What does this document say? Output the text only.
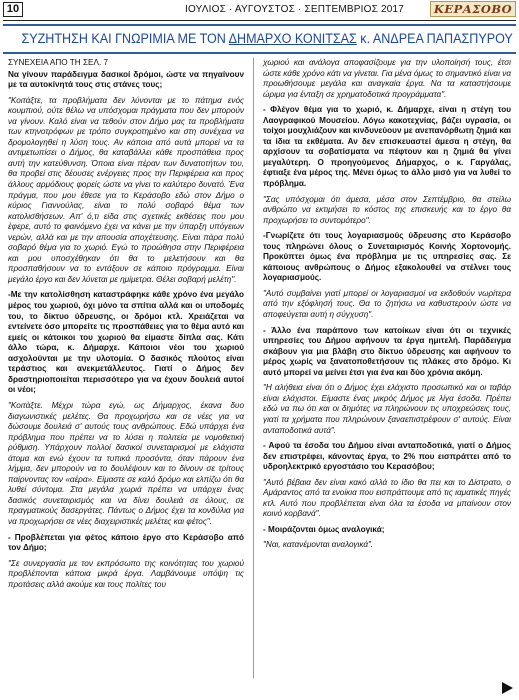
10	ΙΟΥΛΙΟΣ · ΑΥΓΟΥΣΤΟΣ · ΣΕΠΤΕΜΒΡΙΟΣ 2017	ΚΕΡΑΣΟΒΟ
ΣΥΖΗΤΗΣΗ ΚΑΙ ΓΝΩΡΙΜΙΑ ΜΕ ΤΟΝ ΔΗΜΑΡΧΟ ΚΟΝΙΤΣΑΣ κ. ΑΝΔΡΕΑ ΠΑΠΑΣΠΥΡΟΥ

ΣΥΝΕΧΕΙΑ ΑΠΟ ΤΗ ΣΕΛ. 7

Να γίνουν παράδειγμα δασικοί δρόμοι, ώστε να πηγαίνουν με τα αυτοκίνητά τους στις στάνες τους;

"Κοιτάξτε, τα προβλήματα δεν λύνονται με το πάτημα ενός κουμπιού, ούτε θέλω να υπόσχομαι πράγματα που δεν μπορούν να γίνουν. Καλό είναι να τεθούν στον Δήμο μας τα προβλήματα των κτηνοτρόφων με τρόπο συγκροτημένο και στη συνέχεια να δρομολογηθεί η λύση τους. Αν κάποια από αυτά μπορεί να τα αντιμετωπίσει ο Δήμος, θα καταβάλλει κάθε προσπάθεια προς αυτή την κατεύθυνση. Όποια είναι πέραν των δυνατοτήτων του, θα προβεί στις δέουσες ενέργειες προς την Περιφέρεια και προς άλλους αρμόδιους φορείς ώστε να γίνει το καλύτερο δυνατό. Ένα πράγμα, που μου έθεσε για το Κεράσοβο εδώ στον Δήμο ο κύριος Γιαννούλας, είναι το πολύ σοβαρό θέμα των κατολισθήσεων. Απ' ό,τι είδα στις σχετικές εκθέσεις που μου έφερε, αυτό το φαινόμενο έχει να κάνει με την ύπαρξη υπόγειων νερών, αλλά και με την απουσία αποχέτευσης. Είναι πάρα πολύ σοβαρό θέμα για το χωριό. Εγώ το προώθησα στην Περιφέρεια και μου υποσχέθηκαν ότι θα το μελετήσουν και θα προσπαθήσουν να το εντάξουν σε κάποιο πρόγραμμα. Είναι μεγάλο έργο και δεν λύνεται με ημίμετρα. Θέλει σοβαρή μελέτη".

-Με την κατολίσθηση καταστράφηκε κάθε χρόνο ένα μεγάλο μέρος του χωριού, όχι μόνο τα σπίτια αλλά και οι υποδομές του, το δίκτυο ύδρευσης, οι δρόμοι κτλ. Χρειάζεται να εντείνετε όσο μπορείτε τις προσπάθειες για το θέμα αυτό και εμείς οι κάτοικοι του χωριού θα είμαστε δίπλα σας. Κάτι άλλο τώρα, κ. Δήμαρχε. Κάποιοι νέοι του χωριού ασχολούνται με την υλοτομία. Ο δασικός πλούτος είναι τεράστιος και ανεκμετάλλευτος. Γιατί ο Δήμος δεν δραστηριοποιείται περισσότερο για να έχουν δουλειά αυτοί οι νέοι;

"Κοιτάξτε. Μέχρι τώρα εγώ, ως Δήμαρχος, έκανα δυο διαγωνιστικές μελέτες. Θα προχωρήσω και σε νέες για να δώσουμε δουλειά σ' αυτούς τους ανθρώπους. Εδώ υπάρχει ένα πρόβλημα που πρέπει να το λύσει η πολιτεία με νομοθετική ρύθμιση. Υπάρχουν πολλοί δασικοί συνεταιρισμοί με ελάχιστα άτομα και ενώ έχουν τα τυπικά προσόντα, όταν πάρουν ένα λήμμα, δεν μπορούν να το δουλέψουν και το δίνουν σε τρίτους παίρνοντας τον «αέρα». Είμαστε σε καλό δρόμο και ελπίζω ότι θα λυθεί σύντομα. Στα μεγάλα χωριά πρέπει να υπάρχει ένας δασικός συνεταιρισμός και να δίνει δουλειά σε όλους, σε πραγματικούς δασεργάτες. Πάντως ο Δήμος έχει τα κονδύλια για να προχωρήσει σε νέες διαχειριστικές μελέτες και φέτος".

- Προβλέπεται για φέτος κάποιο έργο στο Κεράσοβο από τον Δήμο;

"Σε συνεργασία με τον εκπρόσωπο της κοινότητας του χωριού προβλέπονται κάποια μικρά έργα. Λαμβάνουμε υπόψη τις προτάσεις αλλά ακούμε και τους πολίτες του

χωριού και ανάλογα αποφασίζουμε για την υλοποίησή τους, έτσι ώστε κάθε χρόνο κάτι να γίνεται. Για μένα όμως το σημαντικό είναι να προωθήσουμε μεγάλα και αναγκαία έργα. Να τα καταστήσουμε ώριμα για ένταξη σε χρηματοδοτικά προγράμματα".

- Φλέγον θέμα για το χωριό, κ. Δήμαρχε, είναι η στέγη του Λαογραφικού Μουσείου. Λόγω κακοτεχνίας, βάζει υγρασία, οι τοίχοι μουχλιάζουν και κινδυνεύουν με ανεπανόρθωτη ζημιά και τα ίδια τα εκθέματα. Αν δεν επισκευαστεί άμεσα η στέγη, θα αρχίσουν τα σοβατίσματα να πέφτουν και η ζημιά θα γίνει μεγαλύτερη. Ο προηγούμενος Δήμαρχος, ο κ. Γαργάλας, έφτιαξε ένα μέρος της. Μένει όμως το άλλο μισό για να λυθεί το πρόβλημα.

"Σας υπόσχομαι ότι άμεσα, μέσα στον Σεπτέμβριο, θα στείλω ανθρώπο να εκτιμήσει το κόστος της επισκευής και το έργο θα προχωρήσει το συντομότερο".

-Γνωρίζετε ότι τους λογαριασμούς ύδρευσης στο Κεράσοβο τους πληρώνει όλους ο Συνεταιρισμός Κοινής Χορτονομής. Προκύπτει όμως ένα πρόβλημα με τις υπηρεσίες σας. Σε κάποιους ανθρώπους ο Δήμος εξακολουθεί να στέλνει τους λογαριασμούς.

"Αυτό συμβαίνει γιατί μπορεί οι λογαριασμοί να εκδοθούν νωρίτερα από την εξόφλησή τους. Θα το ζητήσω να καθυστερούν ώστε να αποφεύγεται αυτή η σύγχυση".

- Άλλο ένα παράπονο των κατοίκων είναι ότι οι τεχνικές υπηρεσίες του Δήμου αφήνουν τα έργα ημιτελή. Παράδειγμα σκάβουν για μια βλάβη στο δίκτυο ύδρευσης και αφήνουν το μέρος χωρίς να ξανατοποθετήσουν τις πλάκες στο δρόμο. Κι αυτό μπορεί να μείνει έτσι για ένα και δύο χρόνια ακόμη.

"Η αλήθεια είναι ότι ο Δήμος έχει ελάχιστο προσωπικό και οι ταβάρ είναι ελάχιστοι. Είμαστε ένας μικρός Δήμος με λίγα έσοδα. Πρέπει εδώ να πω ότι και οι δημότες να πληρώνουν τις υποχρεώσεις τους, γιατί τα χρήματα που πληρώνουν ξαναεπιστρέφουν σ' αυτούς. Είναι ανταποδοτικά αυτά".

- Αφού τα έσοδα του Δήμου είναι ανταποδοτικά, γιατί ο Δήμος δεν επιστρέφει, κάνοντας έργα, το 2% που εισπράττει από το υδροηλεκτρικό εργοστάσιο του Κερασόβου;

"Αυτό βέβαια δεν είναι κακό αλλά το ίδιο θα πει και το Δίστρατο, ο Αμάραντος από τα ενοίκια που εισπράττουμε από τις ιαματικές πηγές κτλ. Αυτό που προβλέπεται είναι όλα τα έσοδα να μπαίνουν στον κοινό κορβανά".

- Μοιράζονται όμως αναλογικά;

"Ναι, κατανέμονται αναλογικά".
